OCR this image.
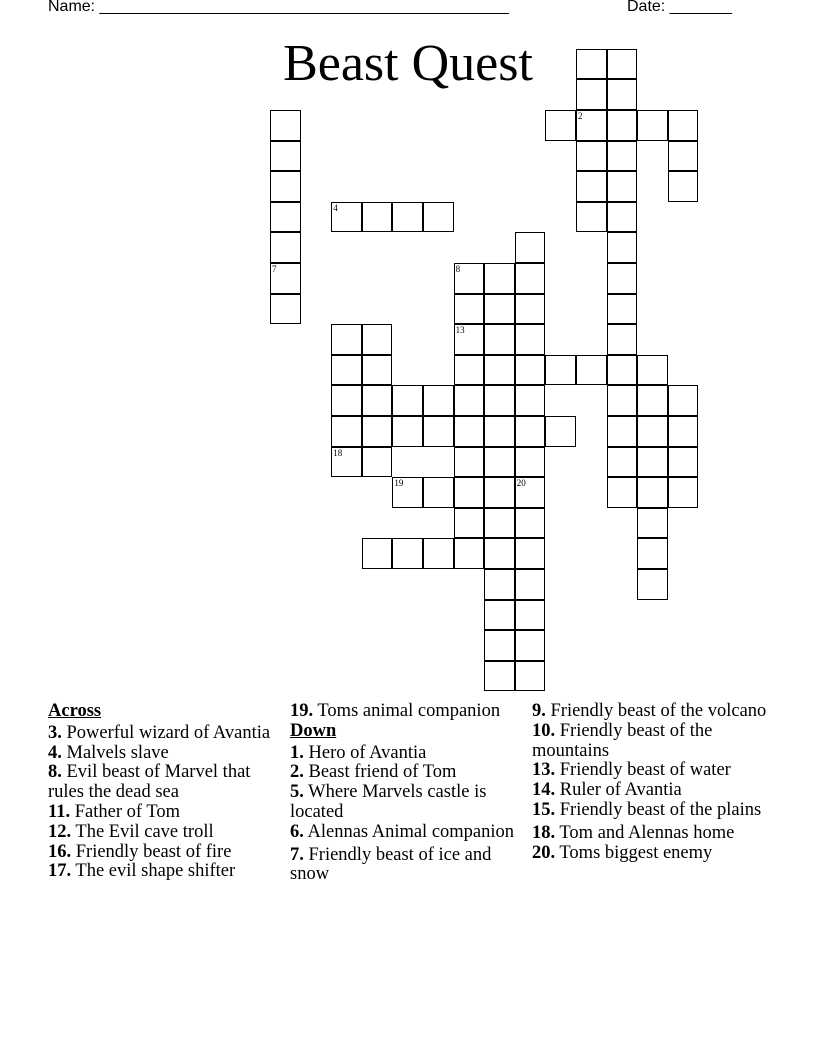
Name: ______________________________________________	Date: _______
Beast Quest
7
20
2
4
8
13
18
19
Across
3. Powerful wizard of Avantia
4. Malvels slave
8. Evil beast of Marvel that rules the dead sea
11. Father of Tom
12. The Evil cave troll
16. Friendly beast of fire
17. The evil shape shifter
19. Toms animal companion
Down
1. Hero of Avantia
2. Beast friend of Tom
5. Where Marvels castle is located
6. Alennas Animal companion
7. Friendly beast of ice and snow
9. Friendly beast of the volcano
10. Friendly beast of the mountains
13. Friendly beast of water
14. Ruler of Avantia
15. Friendly beast of the plains
18. Tom and Alennas home
20. Toms biggest enemy
